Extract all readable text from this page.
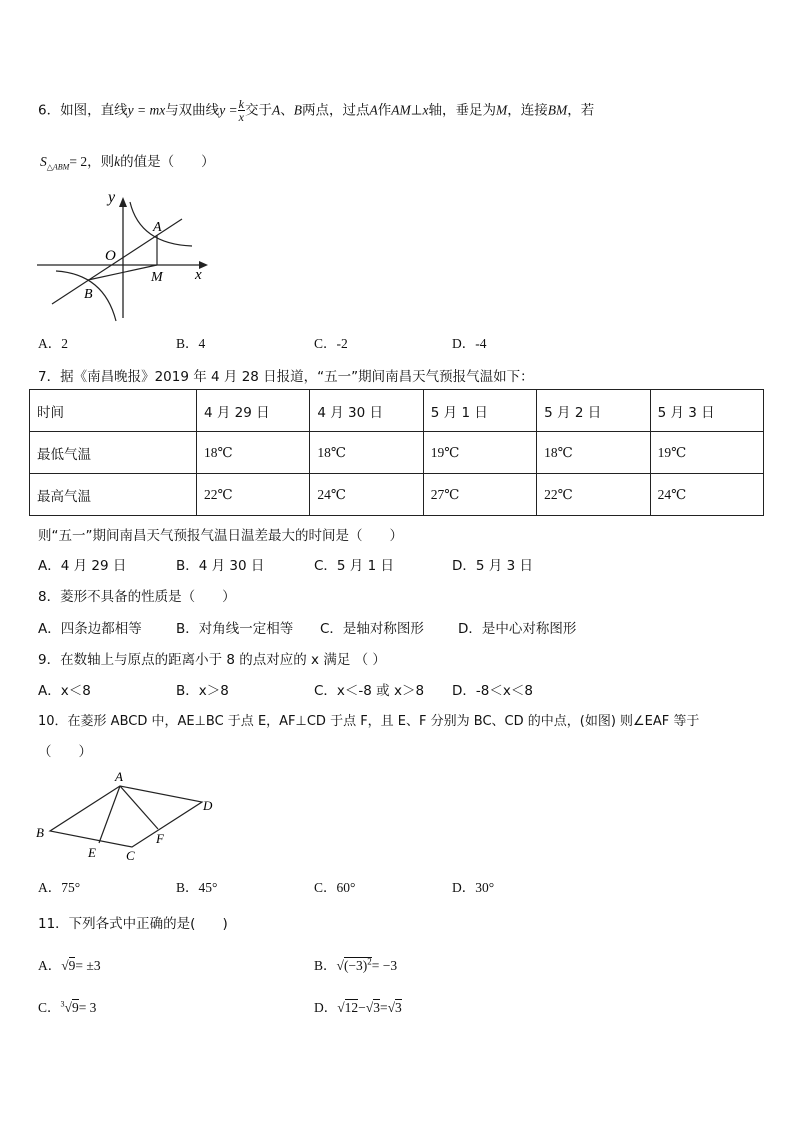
6．如图，直线y = mx与双曲线$y = \frac{k}{x}$ 交于A、B两点，过点A作AM⊥x轴，垂足为M，连接BM，若
$S_{\triangle ABM}= 2$，则k的值是（　　）
y
O
A
M x
B
A．2	B．4	C．-2	D．-4
7．据《南昌晚报》2019 年 4 月 28 日报道，“五一”期间南昌天气预报气温如下：
时间	4 月 29 日	4 月 30 日	5 月 1 日	5 月 2 日	5 月 3 日
最低气温	18℃	18℃	19℃	18℃	19℃
最高气温	22℃	24℃	27℃	22℃	24℃
则“五一”期间南昌天气预报气温日温差最大的时间是（　　）
A．4 月 29 日	B．4 月 30 日	C．5 月 1 日	D．5 月 3 日
8．菱形不具备的性质是（　　）
A．四条边都相等	B．对角线一定相等 C．是轴对称图形	D．是中心对称图形
9．在数轴上与原点的距离小于 8 的点对应的 x 满足 （ ）
A．x＜8	B．x＞8	C．x＜-8 或 x＞8 D．-8＜x＜8
10．在菱形 ABCD 中，AE⊥BC 于点 E，AF⊥CD 于点 F，且 E、F 分别为 BC、CD 的中点，(如图) 则∠EAF 等于
（　　）
A
B
C
D
E
F
A．75°	B．45°	C．60°	D．30°
11．下列各式中正确的是(　　)
A．√9= ±3	B．$√(-3)^2= -3$
C．$^3$√9= 3	D．√12−√3=√3
